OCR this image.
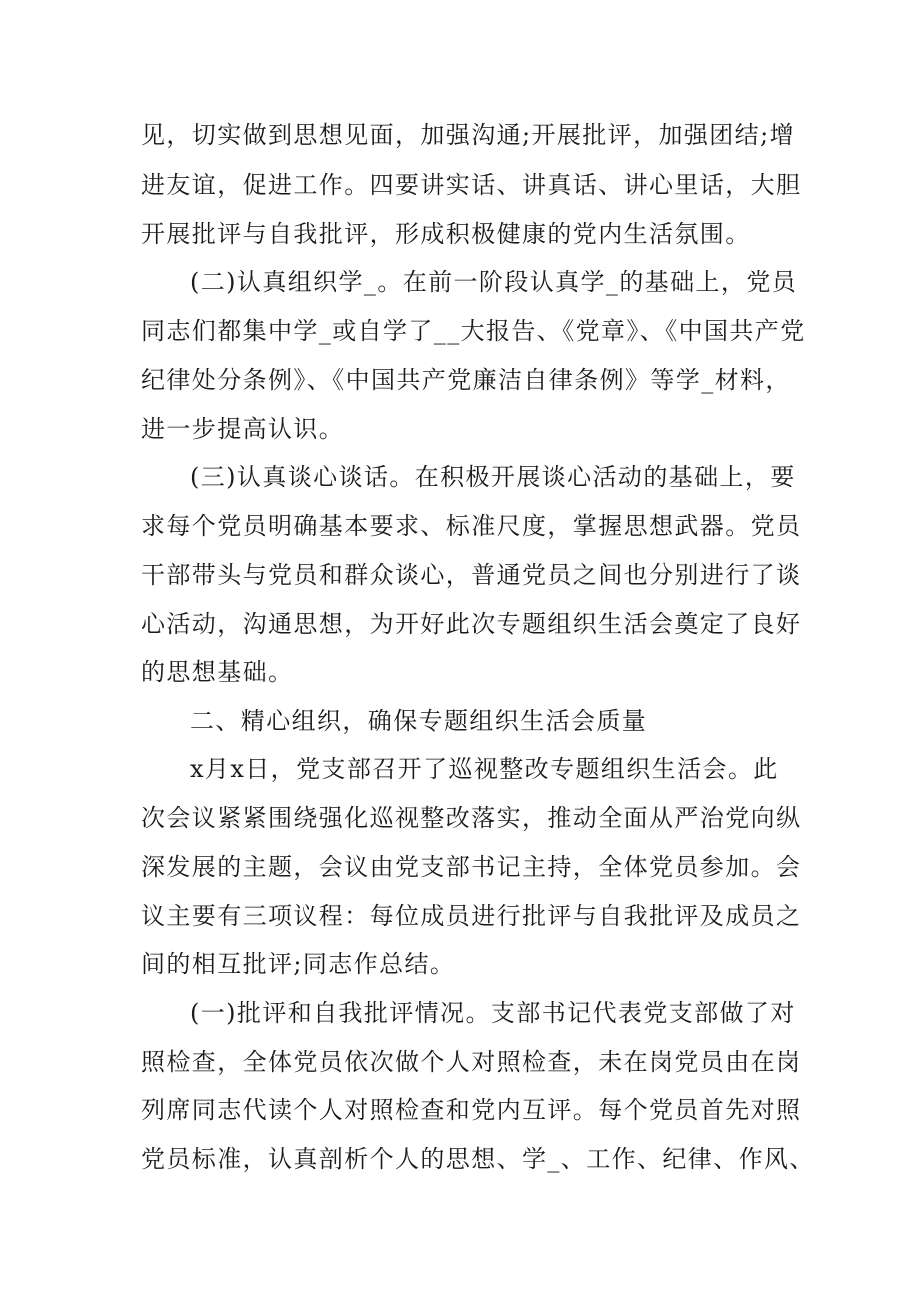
见，切实做到思想见面，加强沟通;开展批评，加强团结;增
进友谊，促进工作。四要讲实话、讲真话、讲心里话，大胆
开展批评与自我批评，形成积极健康的党内生活氛围。
(二)认真组织学_。在前一阶段认真学_的基础上，党员
同志们都集中学_或自学了__大报告、《党章》、《中国共产党
纪律处分条例》、《中国共产党廉洁自律条例》等学_材料，
进一步提高认识。
(三)认真谈心谈话。在积极开展谈心活动的基础上，要
求每个党员明确基本要求、标准尺度，掌握思想武器。党员
干部带头与党员和群众谈心，普通党员之间也分别进行了谈
心活动，沟通思想，为开好此次专题组织生活会奠定了良好
的思想基础。
二、精心组织，确保专题组织生活会质量
x月x日，党支部召开了巡视整改专题组织生活会。此
次会议紧紧围绕强化巡视整改落实，推动全面从严治党向纵
深发展的主题，会议由党支部书记主持，全体党员参加。会
议主要有三项议程：每位成员进行批评与自我批评及成员之
间的相互批评;同志作总结。
(一)批评和自我批评情况。支部书记代表党支部做了对
照检查，全体党员依次做个人对照检查，未在岗党员由在岗
列席同志代读个人对照检查和党内互评。每个党员首先对照
党员标准，认真剖析个人的思想、学_、工作、纪律、作风、
